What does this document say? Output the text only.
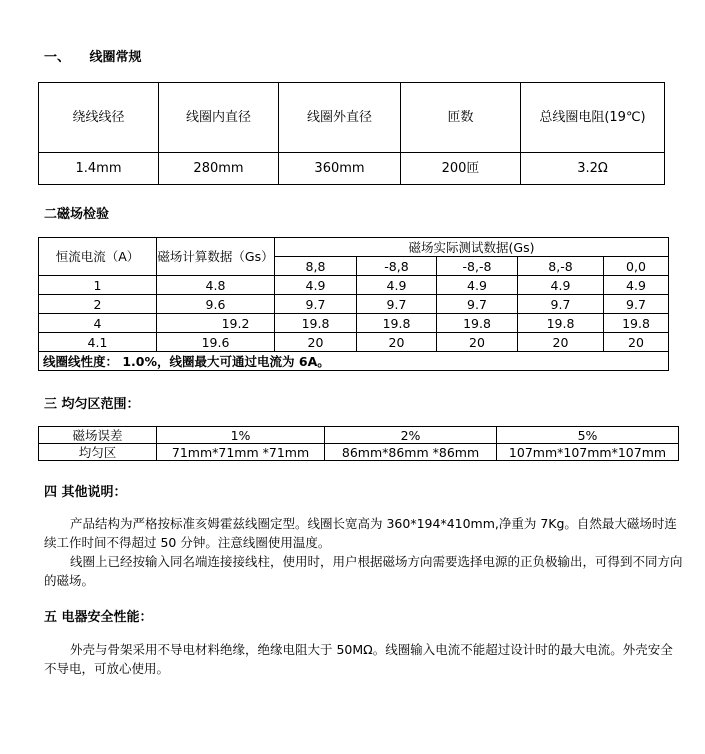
一、　　线圈常规
绕线线径	线圈内直径	线圈外直径	匝数	总线圈电阻(19℃)
1.4mm	280mm	360mm	200匝	3.2Ω
二磁场检验
恒流电流（A）	磁场计算数据（Gs）	磁场实际测试数据(Gs)				
		8,8	-8,8	-8,-8	8,-8	0,0
1	4.8	4.9	4.9	4.9	4.9	4.9
2	9.6	9.7	9.7	9.7	9.7	9.7
4	19.2	19.8	19.8	19.8	19.8	19.8
4.1	19.6	20	20	20	20	20
线圈线性度： 1.0%，线圈最大可通过电流为 6A。						
三 均匀区范围：
磁场误差	1%	2%	5%
均匀区	71mm*71mm *71mm	86mm*86mm *86mm	107mm*107mm*107mm
四 其他说明：

产品结构为严格按标准亥姆霍兹线圈定型。线圈长宽高为 360*194*410mm,净重为 7Kg。自然最大磁场时连续工作时间不得超过 50 分钟。注意线圈使用温度。

线圈上已经按输入同名端连接接线柱，使用时，用户根据磁场方向需要选择电源的正负极输出，可得到不同方向的磁场。

五 电器安全性能：

外壳与骨架采用不导电材料绝缘，绝缘电阻大于 50MΩ。线圈输入电流不能超过设计时的最大电流。外壳安全不导电，可放心使用。
